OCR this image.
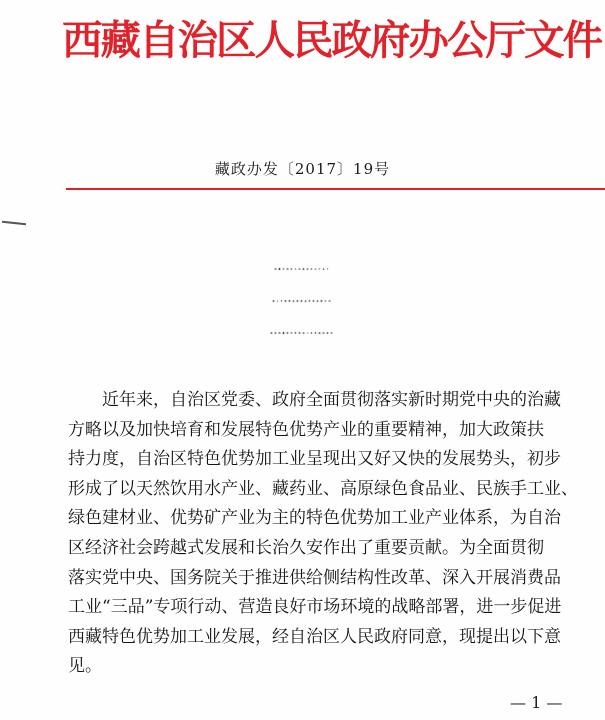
西藏自治区人民政府办公厅文件
藏政办发〔2017〕19号
西藏自治区人民政府办公厅关于
深入开展增品种提品质创品牌行动
促进西藏特色优势加工业发展的意见
近年来，自治区党委、政府全面贯彻落实新时期党中央的治藏
方略以及加快培育和发展特色优势产业的重要精神，加大政策扶
持力度，自治区特色优势加工业呈现出又好又快的发展势头，初步
形成了以天然饮用水产业、藏药业、高原绿色食品业、民族手工业、
绿色建材业、优势矿产业为主的特色优势加工业产业体系，为自治
区经济社会跨越式发展和长治久安作出了重要贡献。为全面贯彻
落实党中央、国务院关于推进供给侧结构性改革、深入开展消费品
工业“三品”专项行动、营造良好市场环境的战略部署，进一步促进
西藏特色优势加工业发展，经自治区人民政府同意，现提出以下意
见。
— 1 —
